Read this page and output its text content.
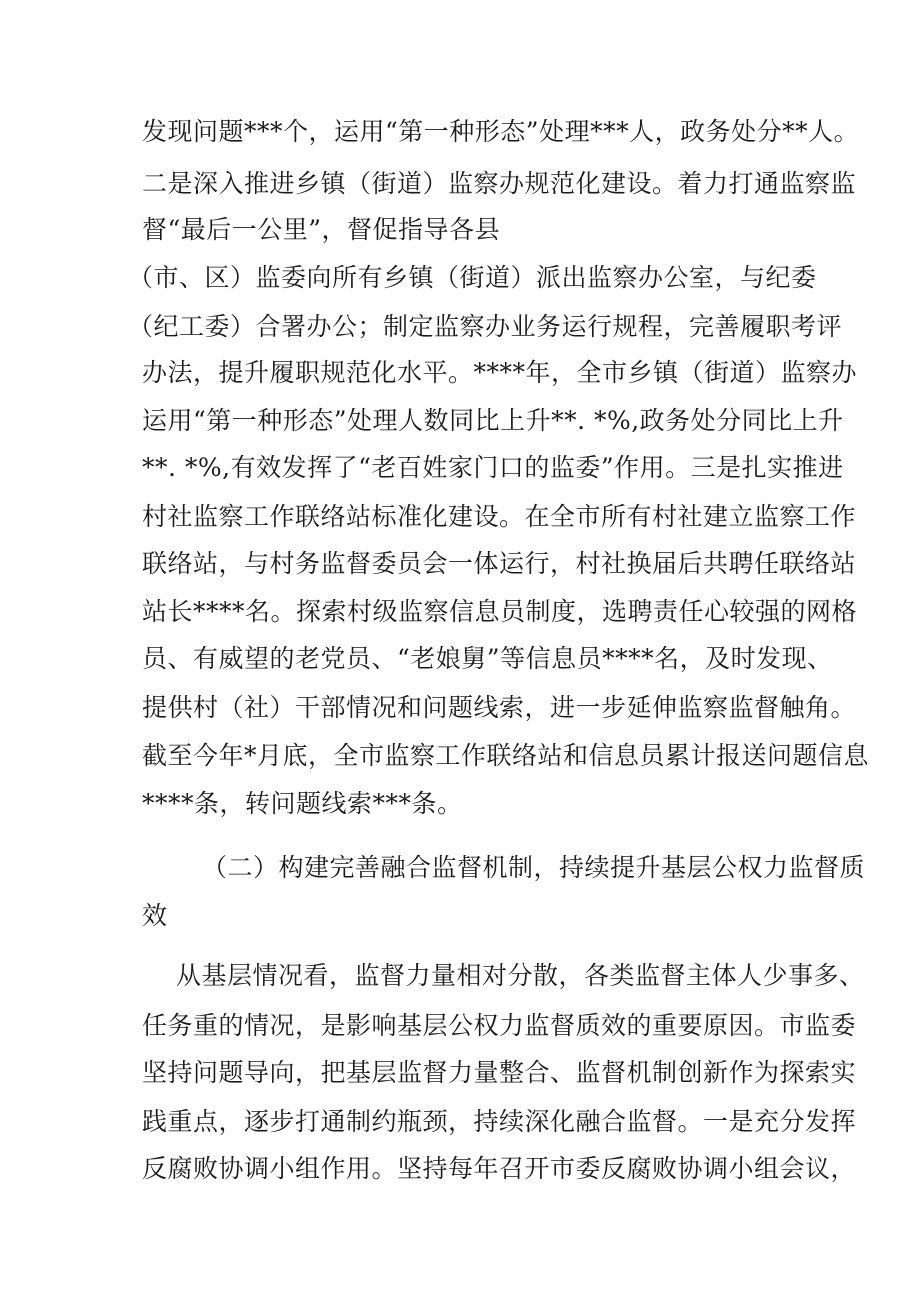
发现问题***个，运用“第一种形态”处理***人，政务处分**人。
二是深入推进乡镇（街道）监察办规范化建设。着力打通监察监
督“最后一公里”，督促指导各县
（市、区）监委向所有乡镇（街道）派出监察办公室，与纪委
（纪工委）合署办公；制定监察办业务运行规程，完善履职考评
办法，提升履职规范化水平。****年，全市乡镇（街道）监察办
运用“第一种形态”处理人数同比上升**. *%,政务处分同比上升
**. *%,有效发挥了“老百姓家门口的监委”作用。三是扎实推进
村社监察工作联络站标准化建设。在全市所有村社建立监察工作
联络站，与村务监督委员会一体运行，村社换届后共聘任联络站
站长****名。探索村级监察信息员制度，选聘责任心较强的网格
员、有威望的老党员、“老娘舅”等信息员****名，及时发现、
提供村（社）干部情况和问题线索，进一步延伸监察监督触角。
截至今年*月底，全市监察工作联络站和信息员累计报送问题信息
****条，转问题线索***条。
（二）构建完善融合监督机制，持续提升基层公权力监督质
效
从基层情况看，监督力量相对分散，各类监督主体人少事多、
任务重的情况，是影响基层公权力监督质效的重要原因。市监委
坚持问题导向，把基层监督力量整合、监督机制创新作为探索实
践重点，逐步打通制约瓶颈，持续深化融合监督。一是充分发挥
反腐败协调小组作用。坚持每年召开市委反腐败协调小组会议，
